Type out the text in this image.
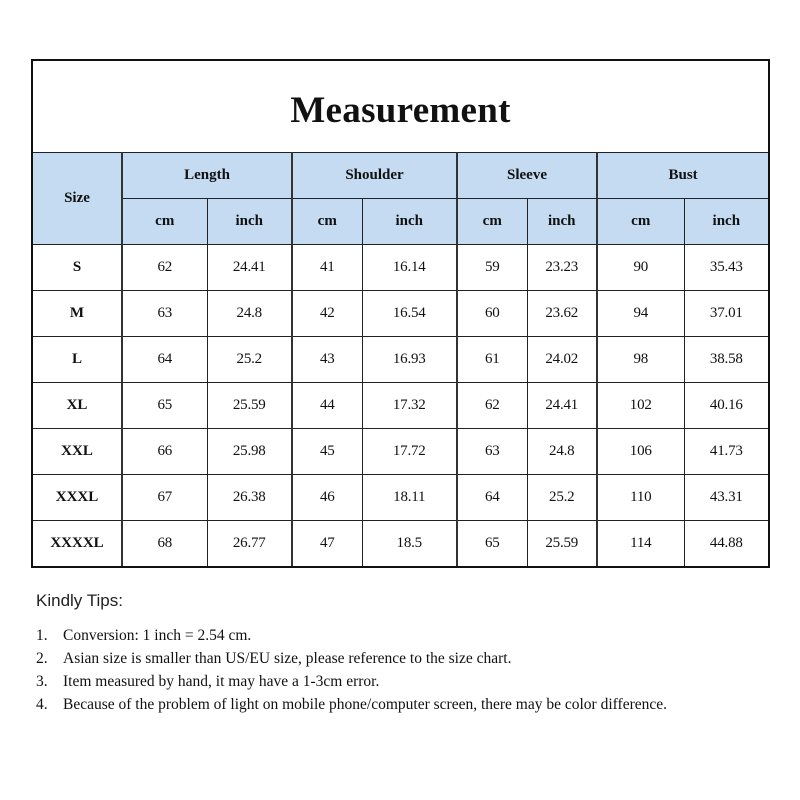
Measurement								
Size	Length		Shoulder		Sleeve		Bust	
	cm	inch	cm	inch	cm	inch	cm	inch
S	62	24.41	41	16.14	59	23.23	90	35.43
M	63	24.8	42	16.54	60	23.62	94	37.01
L	64	25.2	43	16.93	61	24.02	98	38.58
XL	65	25.59	44	17.32	62	24.41	102	40.16
XXL	66	25.98	45	17.72	63	24.8	106	41.73
XXXL	67	26.38	46	18.11	64	25.2	110	43.31
XXXXL	68	26.77	47	18.5	65	25.59	114	44.88
Kindly Tips:
1. Conversion: 1 inch = 2.54 cm.
2. Asian size is smaller than US/EU size, please reference to the size chart.
3. Item measured by hand, it may have a 1-3cm error.
4. Because of the problem of light on mobile phone/computer screen, there may be color difference.
